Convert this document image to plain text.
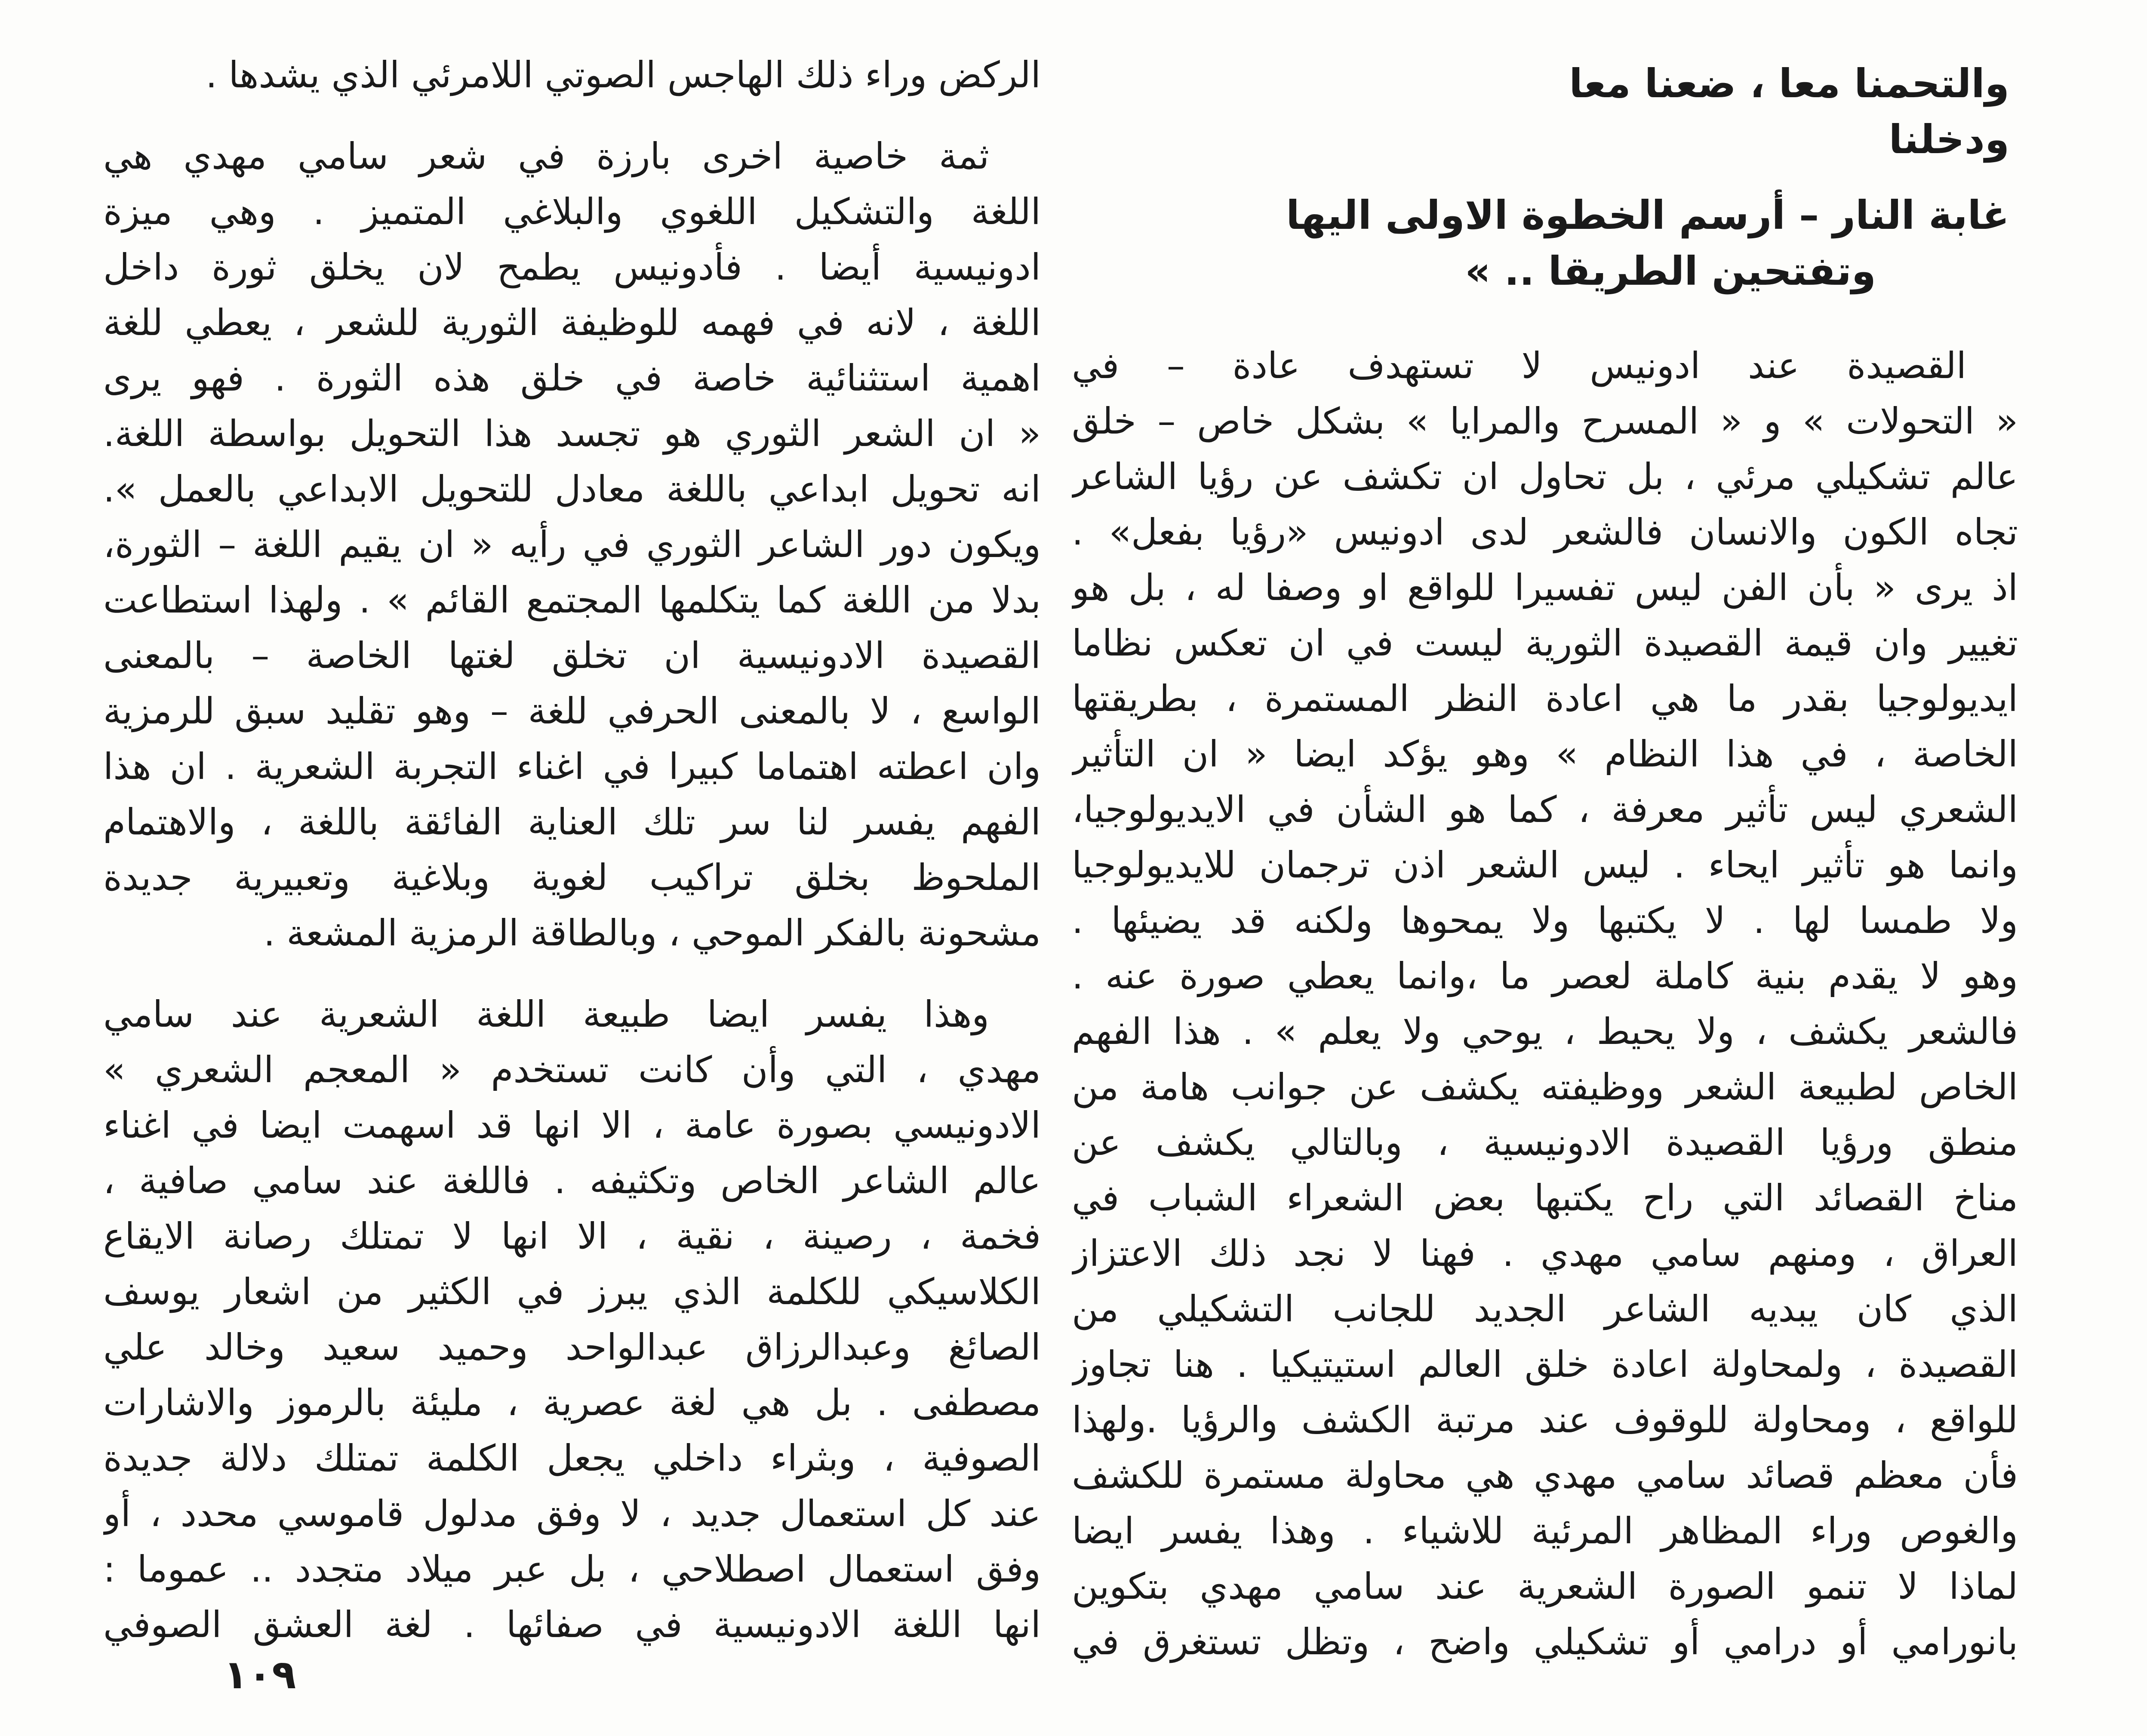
والتحمنا معا ، ضعنا معا
ودخلنا
غابة النار – أرسم الخطوة الاولى اليها
وتفتحين الطريقا .. »
القصيدة عند ادونيس لا تستهدف عادة – في
« التحولات » و « المسرح والمرايا » بشكل خاص – خلق
عالم تشكيلي مرئي ، بل تحاول ان تكشف عن رؤيا الشاعر
تجاه الكون والانسان فالشعر لدى ادونيس «رؤيا بفعل» .
اذ يرى « بأن الفن ليس تفسيرا للواقع او وصفا له ، بل هو
تغيير وان قيمة القصيدة الثورية ليست في ان تعكس نظاما
ايديولوجيا بقدر ما هي اعادة النظر المستمرة ، بطريقتها
الخاصة ، في هذا النظام » وهو يؤكد ايضا « ان التأثير
الشعري ليس تأثير معرفة ، كما هو الشأن في الايديولوجيا،
وانما هو تأثير ايحاء . ليس الشعر اذن ترجمان للايديولوجيا
ولا طمسا لها . لا يكتبها ولا يمحوها ولكنه قد يضيئها .
وهو لا يقدم بنية كاملة لعصر ما ،وانما يعطي صورة عنه .
فالشعر يكشف ، ولا يحيط ، يوحي ولا يعلم » . هذا الفهم
الخاص لطبيعة الشعر ووظيفته يكشف عن جوانب هامة من
منطق ورؤيا القصيدة الادونيسية ، وبالتالي يكشف عن
مناخ القصائد التي راح يكتبها بعض الشعراء الشباب في
العراق ، ومنهم سامي مهدي . فهنا لا نجد ذلك الاعتزاز
الذي كان يبديه الشاعر الجديد للجانب التشكيلي من
القصيدة ، ولمحاولة اعادة خلق العالم استيتيكيا . هنا تجاوز
للواقع ، ومحاولة للوقوف عند مرتبة الكشف والرؤيا .ولهذا
فأن معظم قصائد سامي مهدي هي محاولة مستمرة للكشف
والغوص وراء المظاهر المرئية للاشياء . وهذا يفسر ايضا
لماذا لا تنمو الصورة الشعرية عند سامي مهدي بتكوين
بانورامي أو درامي أو تشكيلي واضح ، وتظل تستغرق في
الركض وراء ذلك الهاجس الصوتي اللامرئي الذي يشدها .
ثمة خاصية اخرى بارزة في شعر سامي مهدي هي
اللغة والتشكيل اللغوي والبلاغي المتميز . وهي ميزة
ادونيسية أيضا . فأدونيس يطمح لان يخلق ثورة داخل
اللغة ، لانه في فهمه للوظيفة الثورية للشعر ، يعطي للغة
اهمية استثنائية خاصة في خلق هذه الثورة . فهو يرى
« ان الشعر الثوري هو تجسد هذا التحويل بواسطة اللغة.
انه تحويل ابداعي باللغة معادل للتحويل الابداعي بالعمل ».
ويكون دور الشاعر الثوري في رأيه « ان يقيم اللغة – الثورة،
بدلا من اللغة كما يتكلمها المجتمع القائم » . ولهذا استطاعت
القصيدة الادونيسية ان تخلق لغتها الخاصة – بالمعنى
الواسع ، لا بالمعنى الحرفي للغة – وهو تقليد سبق للرمزية
وان اعطته اهتماما كبيرا في اغناء التجربة الشعرية . ان هذا
الفهم يفسر لنا سر تلك العناية الفائقة باللغة ، والاهتمام
الملحوظ بخلق تراكيب لغوية وبلاغية وتعبيرية جديدة
مشحونة بالفكر الموحي ، وبالطاقة الرمزية المشعة .
وهذا يفسر ايضا طبيعة اللغة الشعرية عند سامي
مهدي ، التي وأن كانت تستخدم « المعجم الشعري »
الادونيسي بصورة عامة ، الا انها قد اسهمت ايضا في اغناء
عالم الشاعر الخاص وتكثيفه . فاللغة عند سامي صافية ،
فخمة ، رصينة ، نقية ، الا انها لا تمتلك رصانة الايقاع
الكلاسيكي للكلمة الذي يبرز في الكثير من اشعار يوسف
الصائغ وعبدالرزاق عبدالواحد وحميد سعيد وخالد علي
مصطفى . بل هي لغة عصرية ، مليئة بالرموز والاشارات
الصوفية ، وبثراء داخلي يجعل الكلمة تمتلك دلالة جديدة
عند كل استعمال جديد ، لا وفق مدلول قاموسي محدد ، أو
وفق استعمال اصطلاحي ، بل عبر ميلاد متجدد .. عموما :
انها اللغة الادونيسية في صفائها . لغة العشق الصوفي
١٠٩
